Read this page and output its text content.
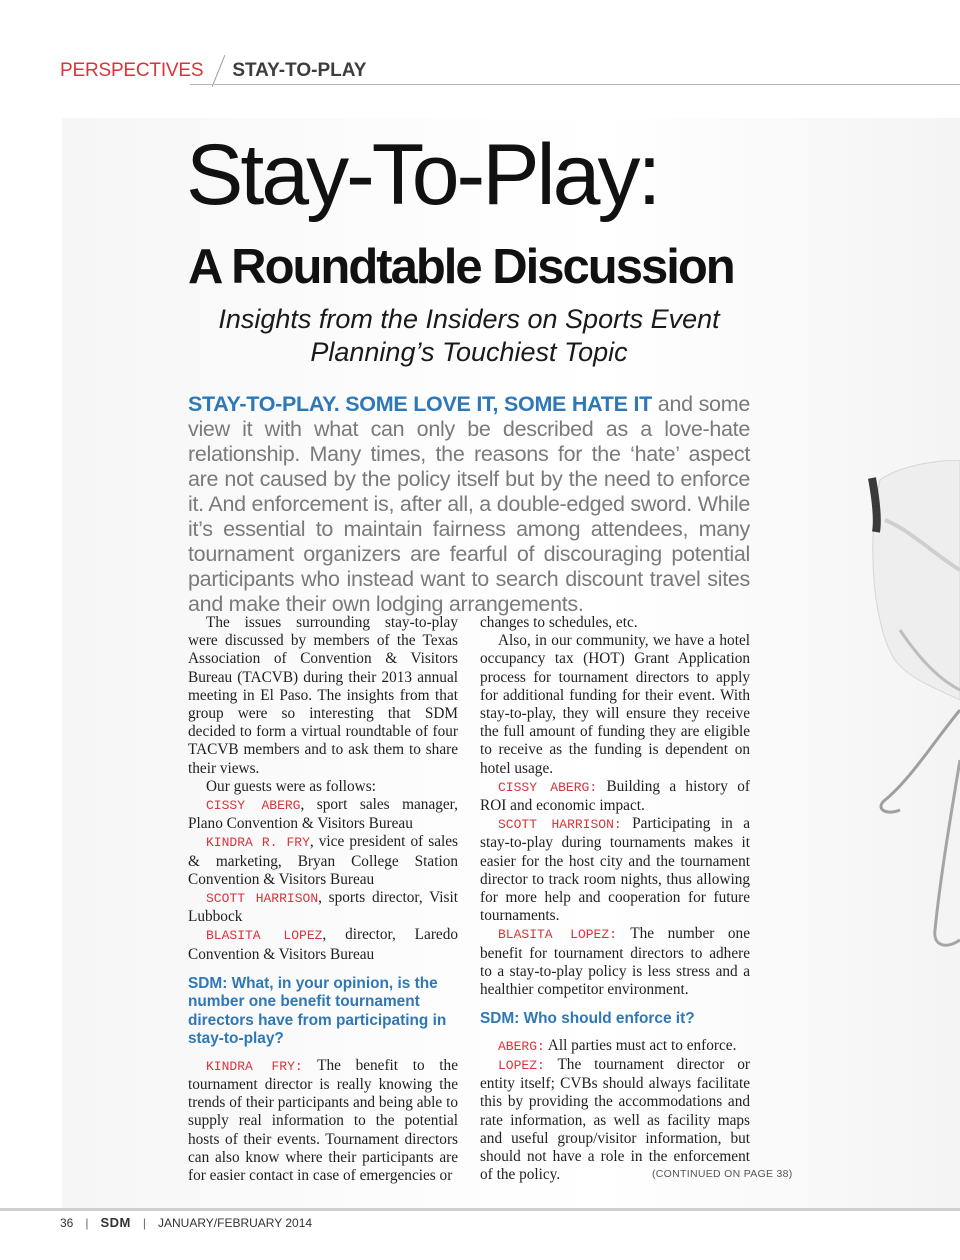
PERSPECTIVES STAY-TO-PLAY
Stay-To-Play:
A Roundtable Discussion
Insights from the Insiders on Sports Event Planning’s Touchiest Topic
STAY-TO-PLAY. SOME LOVE IT, SOME HATE IT and some view it with what can only be described as a love-hate relationship. Many times, the reasons for the ‘hate’ aspect are not caused by the policy itself but by the need to enforce it. And enforcement is, after all, a double-edged sword. While it’s essential to maintain fairness among attendees, many tournament organizers are fearful of discouraging potential participants who instead want to search discount travel sites and make their own lodging arrangements.

The issues surrounding stay-to-play were discussed by members of the Texas Association of Convention & Visitors Bureau (TACVB) during their 2013 annual meeting in El Paso. The insights from that group were so interesting that SDM decided to form a virtual roundtable of four TACVB members and to ask them to share their views.

Our guests were as follows:

CISSY ABERG, sport sales manager, Plano Convention & Visitors Bureau

KINDRA R. FRY, vice president of sales & marketing, Bryan College Station Convention & Visitors Bureau

SCOTT HARRISON, sports director, Visit Lubbock

BLASITA LOPEZ, director, Laredo Convention & Visitors Bureau

SDM: What, in your opinion, is the number one benefit tournament directors have from participating in stay-to-play?

KINDRA FRY: The benefit to the tournament director is really knowing the trends of their participants and being able to supply real information to the potential hosts of their events. Tournament directors can also know where their participants are for easier contact in case of emergencies or

changes to schedules, etc.

Also, in our community, we have a hotel occupancy tax (HOT) Grant Application process for tournament directors to apply for additional funding for their event. With stay-to-play, they will ensure they receive the full amount of funding they are eligible to receive as the funding is dependent on hotel usage.

CISSY ABERG: Building a history of ROI and economic impact.

SCOTT HARRISON: Participating in a stay-to-play during tournaments makes it easier for the host city and the tournament director to track room nights, thus allowing for more help and cooperation for future tournaments.

BLASITA LOPEZ: The number one benefit for tournament directors to adhere to a stay-to-play policy is less stress and a healthier competitor environment.

SDM: Who should enforce it?

ABERG: All parties must act to enforce.

LOPEZ: The tournament director or entity itself; CVBs should always facilitate this by providing the accommodations and rate information, as well as facility maps and useful group/visitor information, but should not have a role in the enforcement of the policy.	(CONTINUED ON PAGE 38)
36 | SDM | JANUARY/FEBRUARY 2014
